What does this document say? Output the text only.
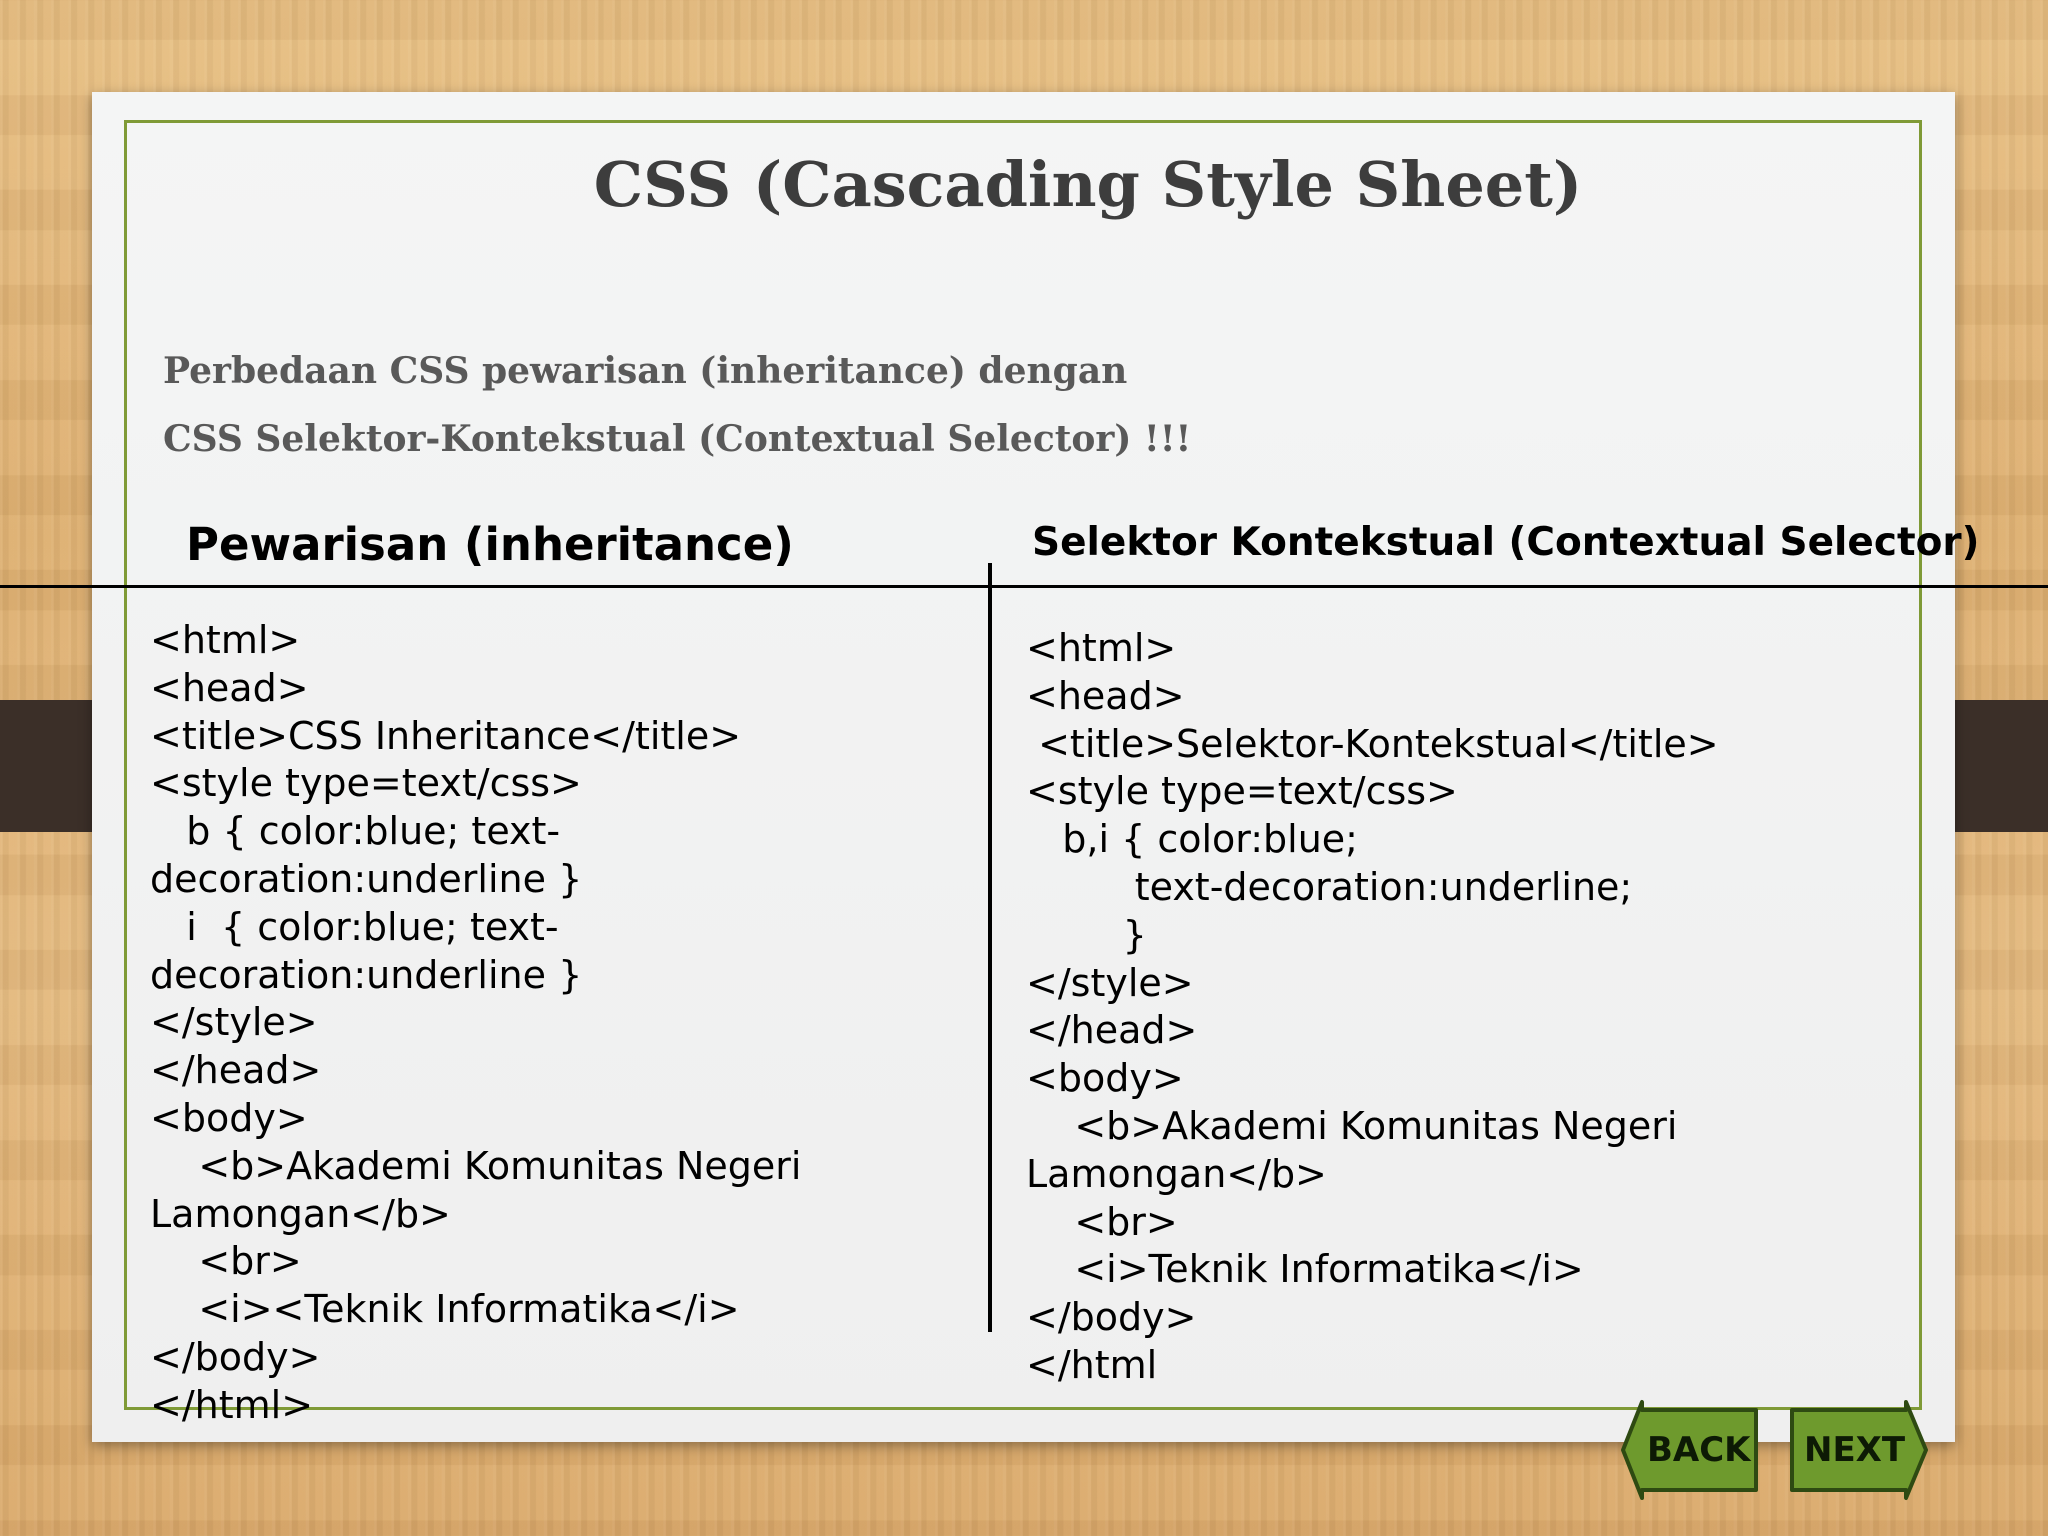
CSS (Cascading Style Sheet)
Perbedaan CSS pewarisan (inheritance) dengan
CSS Selektor-Kontekstual (Contextual Selector) !!!
Pewarisan (inheritance)	Selektor Kontekstual (Contextual Selector)
<html>
<head>
<title>CSS Inheritance</title>
<style type=text/css>
b { color:blue; text-
decoration:underline }
i  { color:blue; text-
decoration:underline }
</style>
</head>
<body>
<b>Akademi Komunitas Negeri
Lamongan</b>
<br>
<i><Teknik Informatika</i>
</body>
</html>
<html>
<head>
<title>Selektor-Kontekstual</title>
<style type=text/css>
b,i { color:blue;
text-decoration:underline;
}
</style>
</head>
<body>
<b>Akademi Komunitas Negeri
Lamongan</b>
<br>
<i>Teknik Informatika</i>
</body>
</html
BACK NEXT
